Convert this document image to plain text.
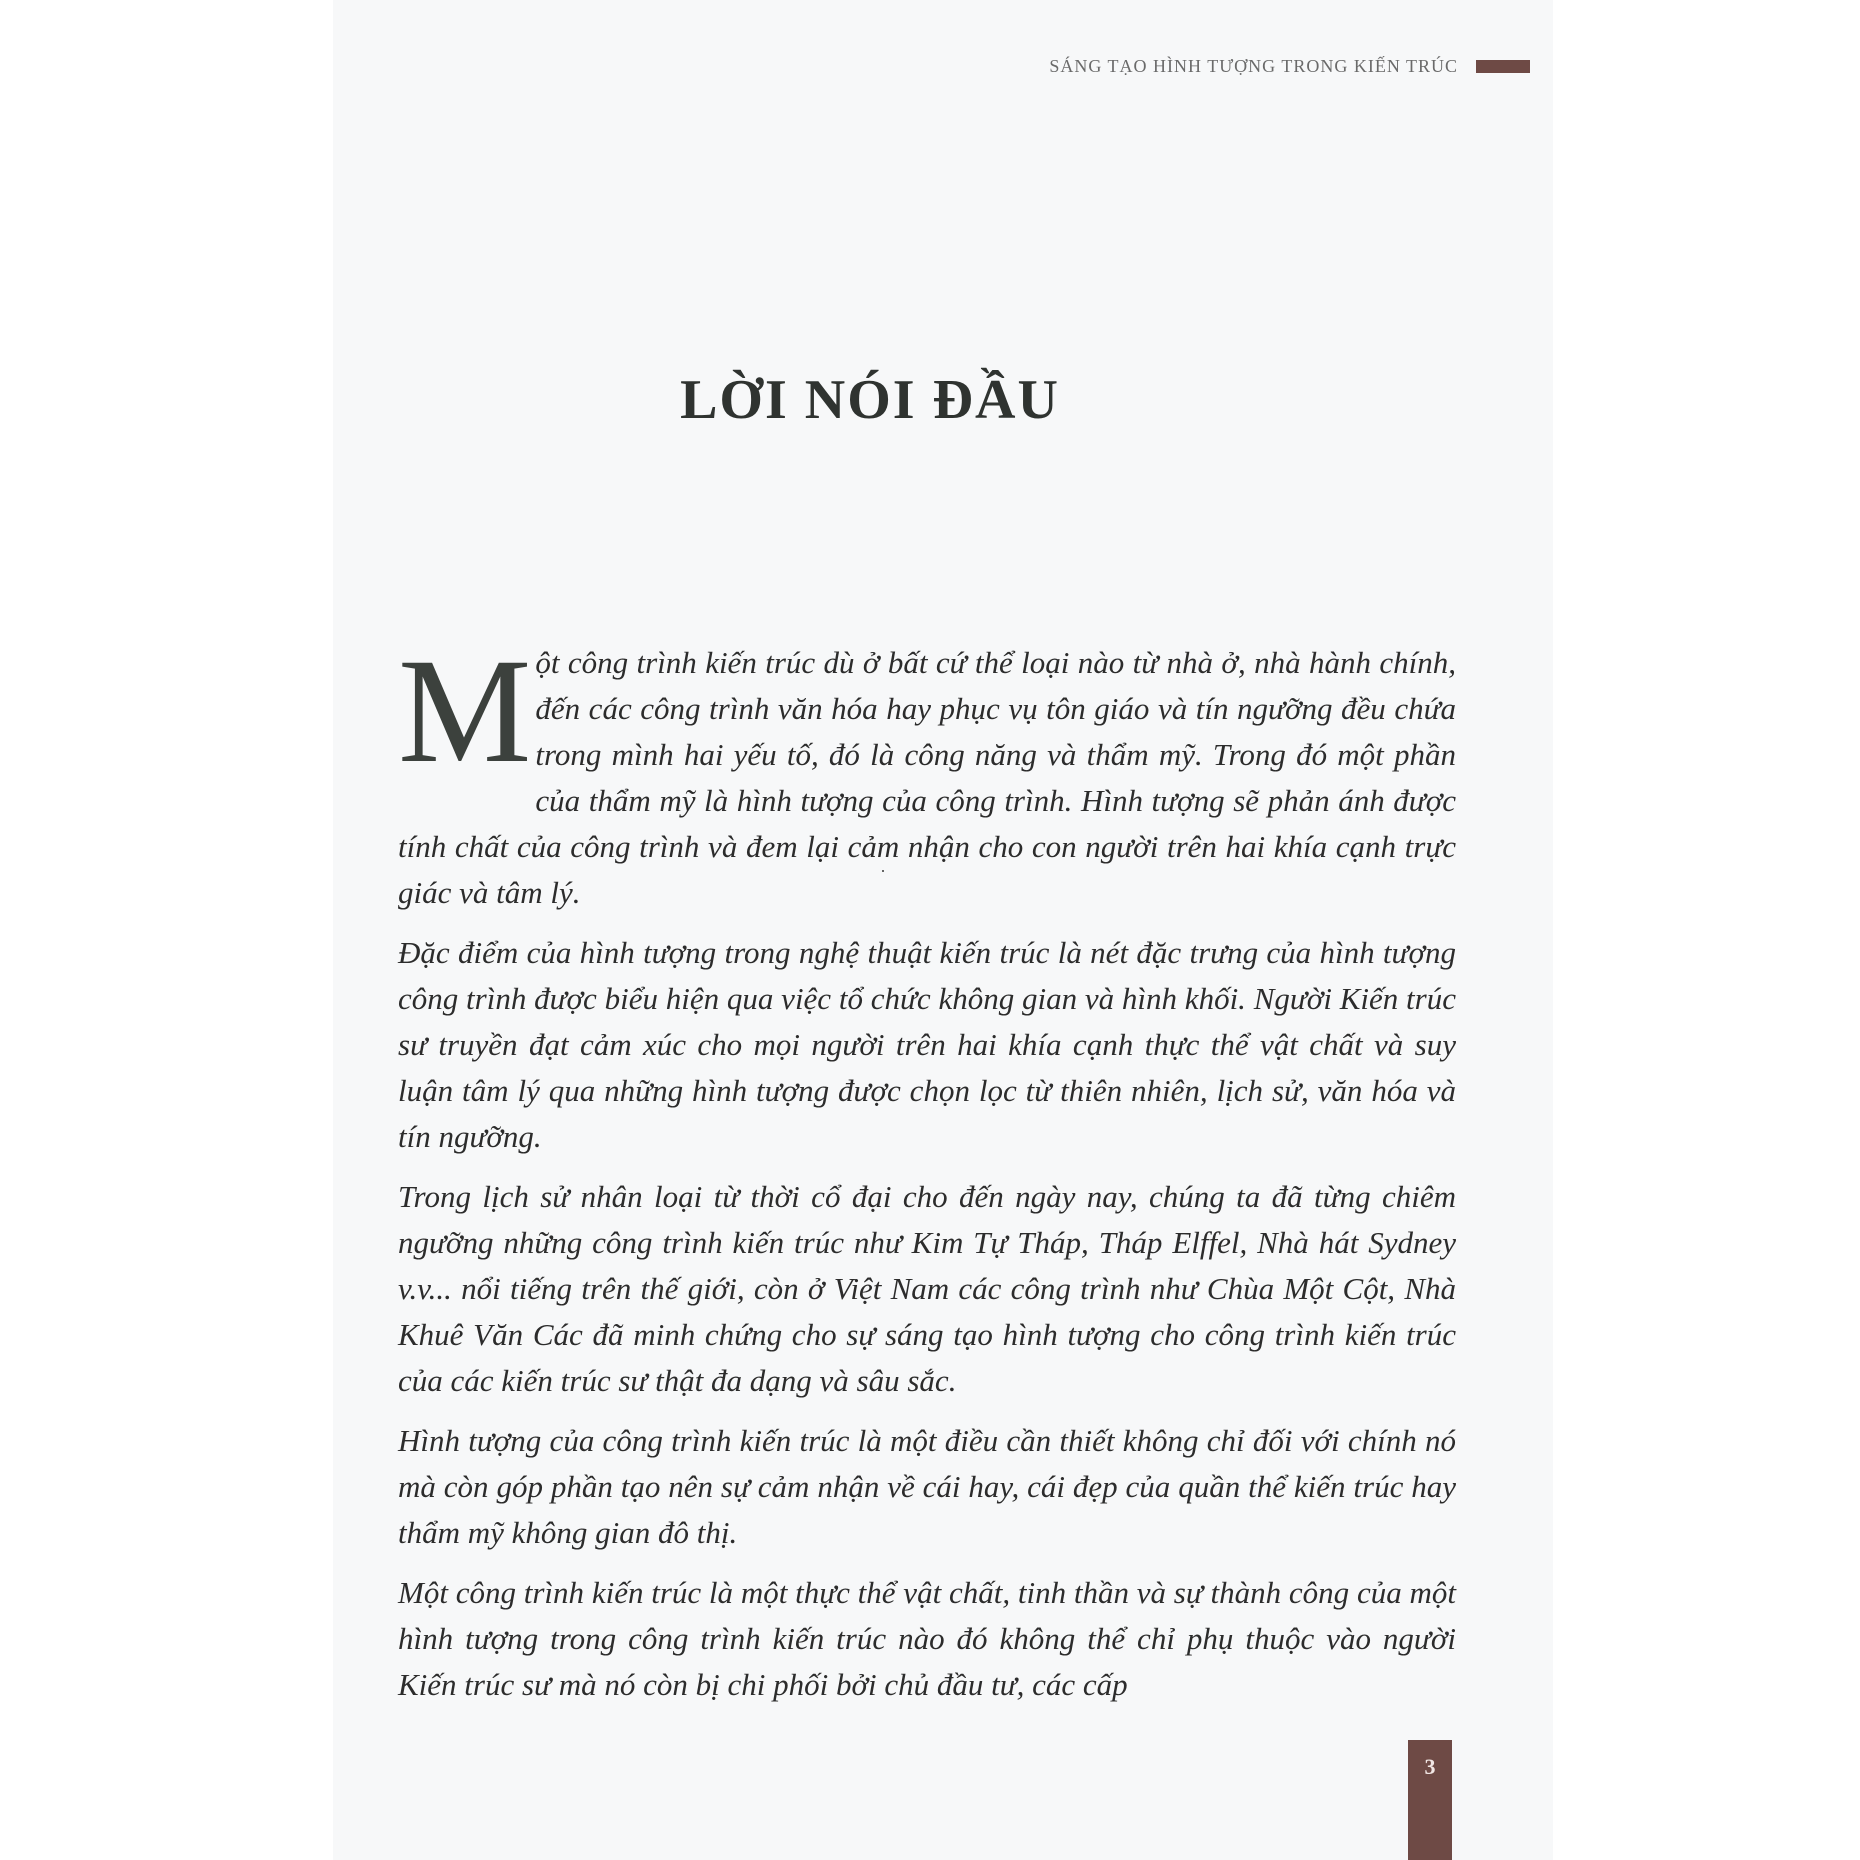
SÁNG TẠO HÌNH TƯỢNG TRONG KIẾN TRÚC
LỜI NÓI ĐẦU

Một công trình kiến trúc dù ở bất cứ thể loại nào từ nhà ở, nhà hành chính, đến các công trình văn hóa hay phục vụ tôn giáo và tín ngưỡng đều chứa trong mình hai yếu tố, đó là công năng và thẩm mỹ. Trong đó một phần của thẩm mỹ là hình tượng của công trình. Hình tượng sẽ phản ánh được tính chất của công trình và đem lại cảm nhận cho con người trên hai khía cạnh trực giác và tâm lý.

Đặc điểm của hình tượng trong nghệ thuật kiến trúc là nét đặc trưng của hình tượng công trình được biểu hiện qua việc tổ chức không gian và hình khối. Người Kiến trúc sư truyền đạt cảm xúc cho mọi người trên hai khía cạnh thực thể vật chất và suy luận tâm lý qua những hình tượng được chọn lọc từ thiên nhiên, lịch sử, văn hóa và tín ngưỡng.

Trong lịch sử nhân loại từ thời cổ đại cho đến ngày nay, chúng ta đã từng chiêm ngưỡng những công trình kiến trúc như Kim Tự Tháp, Tháp Elffel, Nhà hát Sydney v.v... nổi tiếng trên thế giới, còn ở Việt Nam các công trình như Chùa Một Cột, Nhà Khuê Văn Các đã minh chứng cho sự sáng tạo hình tượng cho công trình kiến trúc của các kiến trúc sư thật đa dạng và sâu sắc.

Hình tượng của công trình kiến trúc là một điều cần thiết không chỉ đối với chính nó mà còn góp phần tạo nên sự cảm nhận về cái hay, cái đẹp của quần thể kiến trúc hay thẩm mỹ không gian đô thị.

Một công trình kiến trúc là một thực thể vật chất, tinh thần và sự thành công của một hình tượng trong công trình kiến trúc nào đó không thể chỉ phụ thuộc vào người Kiến trúc sư mà nó còn bị chi phối bởi chủ đầu tư, các cấp

3
